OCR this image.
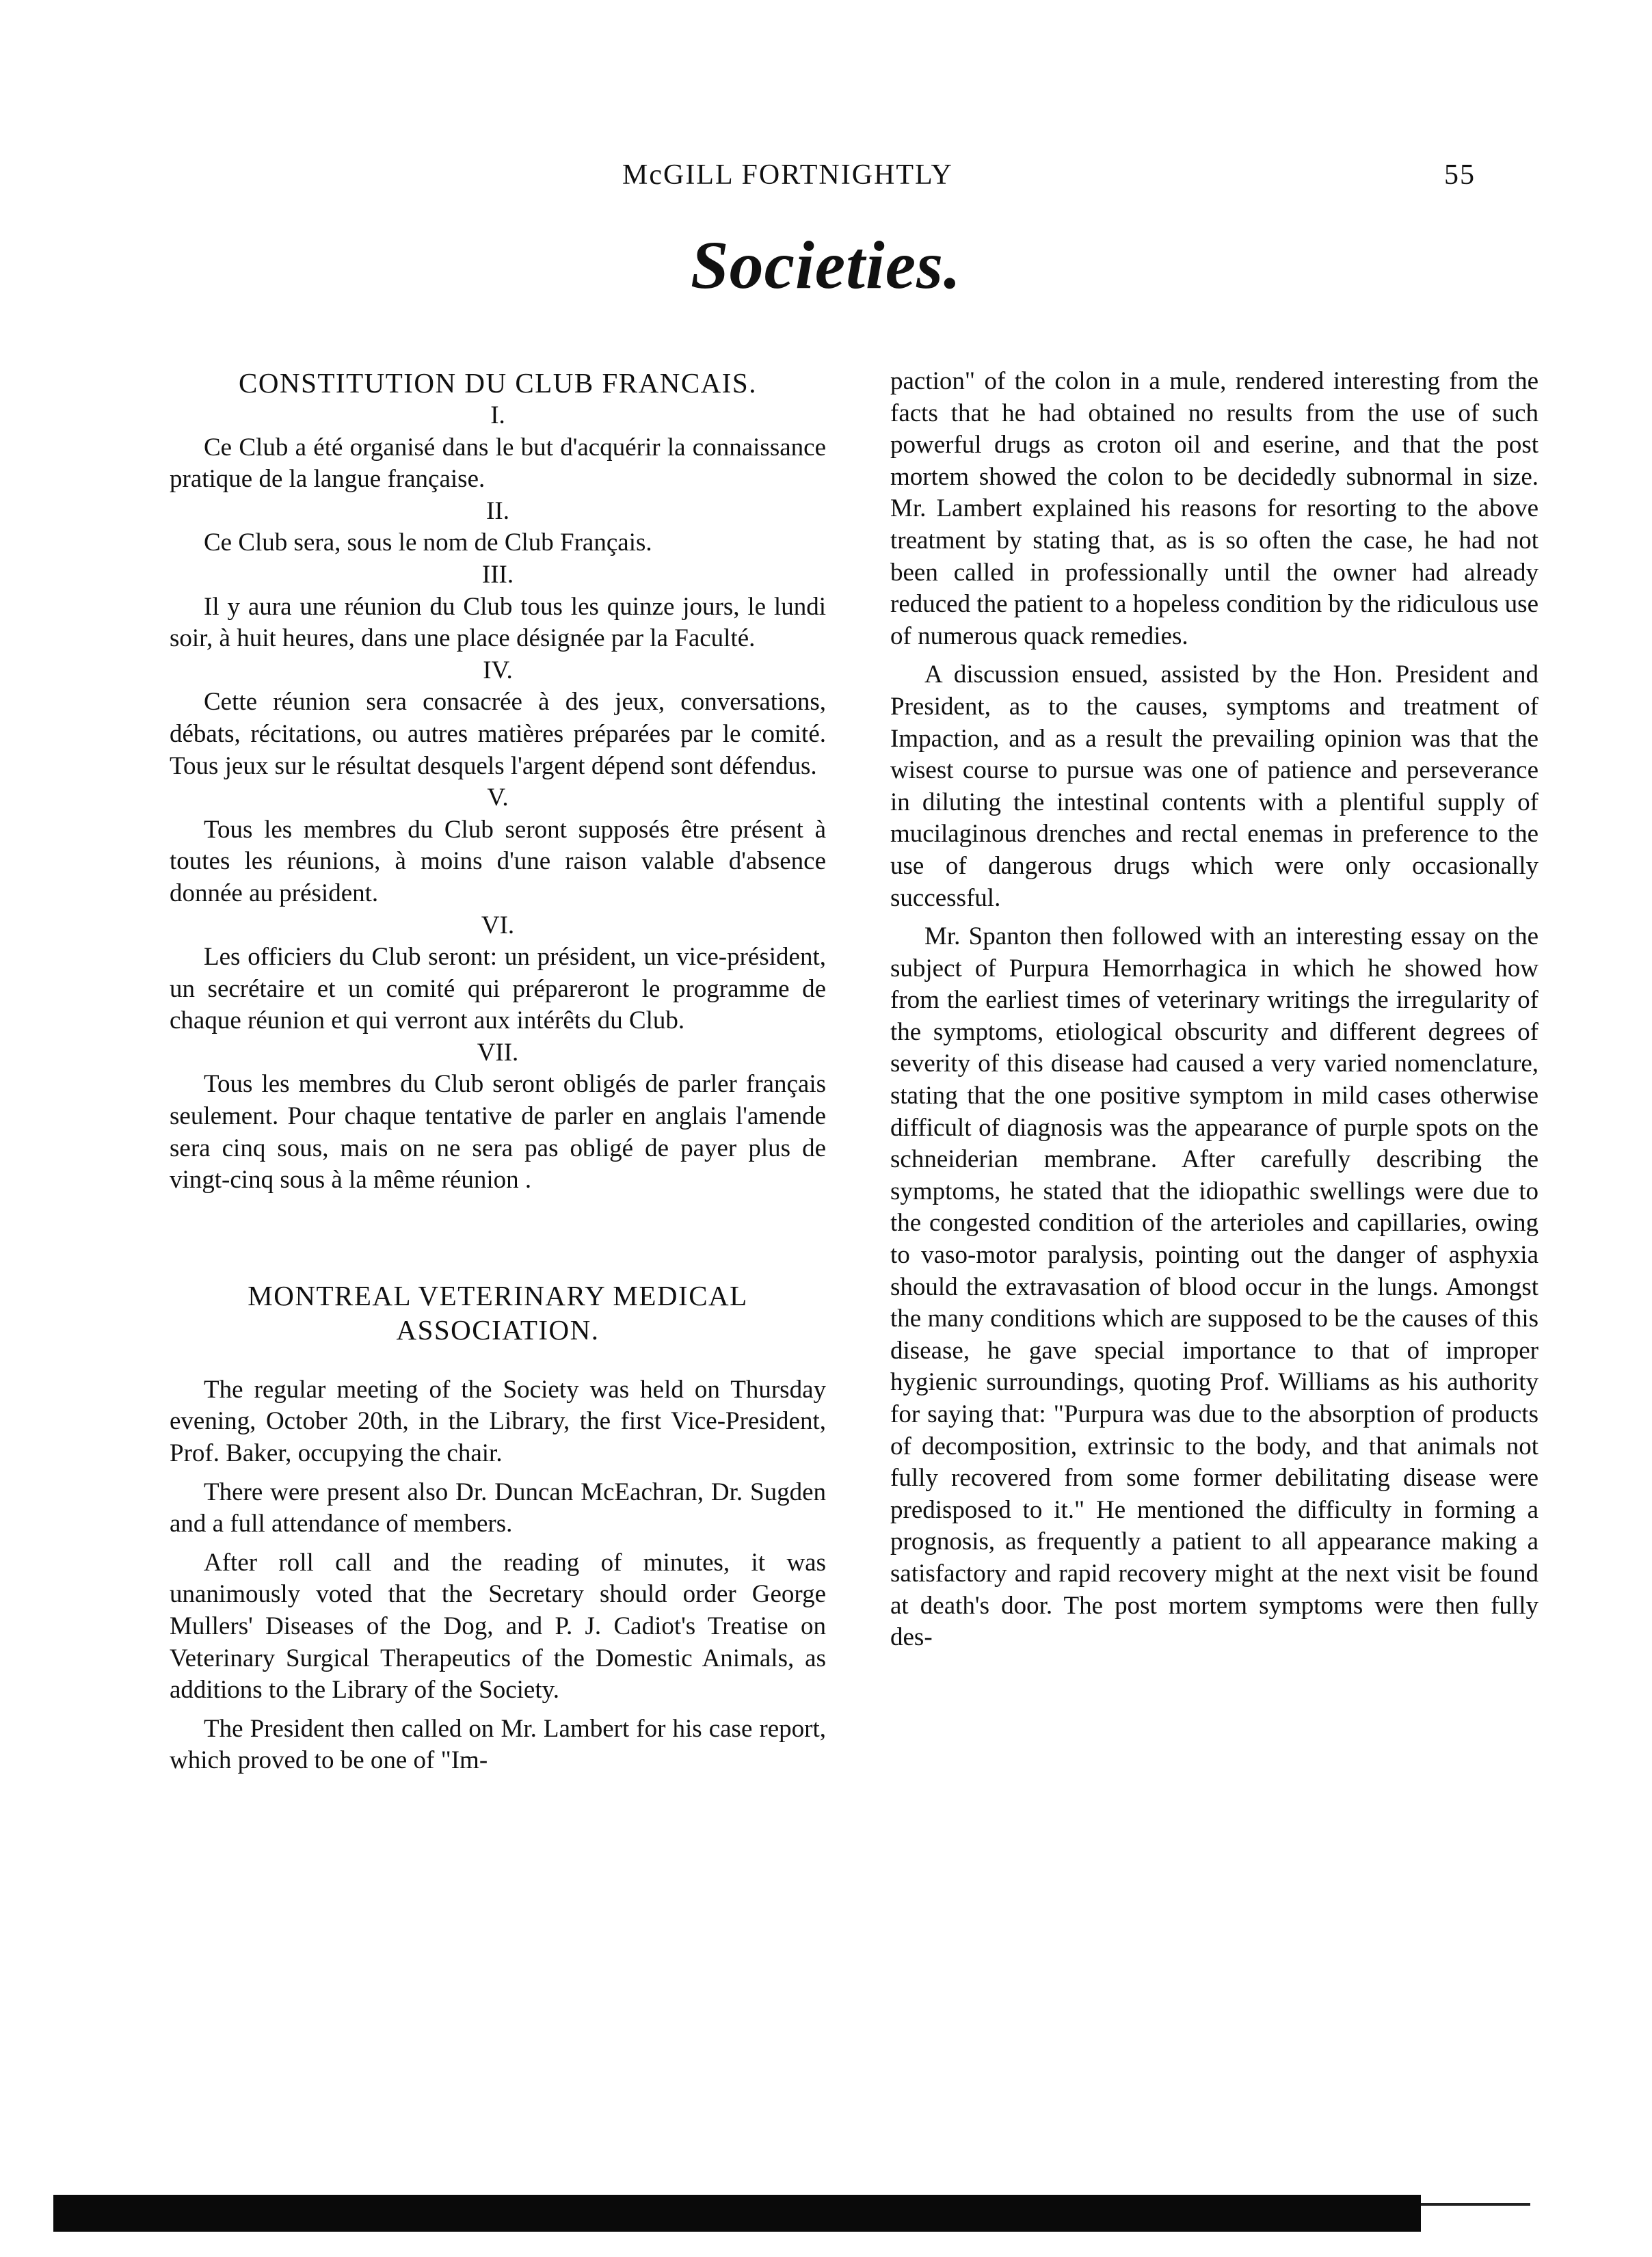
McGILL FORTNIGHTLY	55
Societies.
CONSTITUTION DU CLUB FRANCAIS.
I.

Ce Club a été organisé dans le but d'acquérir la connaissance pratique de la langue française.

II.

Ce Club sera, sous le nom de Club Français.

III.

Il y aura une réunion du Club tous les quinze jours, le lundi soir, à huit heures, dans une place désignée par la Faculté.

IV.

Cette réunion sera consacrée à des jeux, conversations, débats, récitations, ou autres matières préparées par le comité. Tous jeux sur le résultat desquels l'argent dépend sont défendus.

V.

Tous les membres du Club seront supposés être présent à toutes les réunions, à moins d'une raison valable d'absence donnée au président.

VI.

Les officiers du Club seront: un président, un vice-président, un secrétaire et un comité qui prépareront le programme de chaque réunion et qui verront aux intérêts du Club.

VII.

Tous les membres du Club seront obligés de parler français seulement. Pour chaque tentative de parler en anglais l'amende sera cinq sous, mais on ne sera pas obligé de payer plus de vingt-cinq sous à la même réunion .

MONTREAL VETERINARY MEDICAL
ASSOCIATION.

The regular meeting of the Society was held on Thursday evening, October 20th, in the Library, the first Vice-President, Prof. Baker, occupying the chair.

There were present also Dr. Duncan McEachran, Dr. Sugden and a full attendance of members.

After roll call and the reading of minutes, it was unanimously voted that the Secretary should order George Mullers' Diseases of the Dog, and P. J. Cadiot's Treatise on Veterinary Surgical Therapeutics of the Domestic Animals, as additions to the Library of the Society.

The President then called on Mr. Lambert for his case report, which proved to be one of "Im-

paction" of the colon in a mule, rendered interesting from the facts that he had obtained no results from the use of such powerful drugs as croton oil and eserine, and that the post mortem showed the colon to be decidedly subnormal in size. Mr. Lambert explained his reasons for resorting to the above treatment by stating that, as is so often the case, he had not been called in professionally until the owner had already reduced the patient to a hopeless condition by the ridiculous use of numerous quack remedies.

A discussion ensued, assisted by the Hon. President and President, as to the causes, symptoms and treatment of Impaction, and as a result the prevailing opinion was that the wisest course to pursue was one of patience and perseverance in diluting the intestinal contents with a plentiful supply of mucilaginous drenches and rectal enemas in preference to the use of dangerous drugs which were only occasionally successful.

Mr. Spanton then followed with an interesting essay on the subject of Purpura Hemorrhagica in which he showed how from the earliest times of veterinary writings the irregularity of the symptoms, etiological obscurity and different degrees of severity of this disease had caused a very varied nomenclature, stating that the one positive symptom in mild cases otherwise difficult of diagnosis was the appearance of purple spots on the schneiderian membrane. After carefully describing the symptoms, he stated that the idiopathic swellings were due to the congested condition of the arterioles and capillaries, owing to vaso-motor paralysis, pointing out the danger of asphyxia should the extravasation of blood occur in the lungs. Amongst the many conditions which are supposed to be the causes of this disease, he gave special importance to that of improper hygienic surroundings, quoting Prof. Williams as his authority for saying that: "Purpura was due to the absorption of products of decomposition, extrinsic to the body, and that animals not fully recovered from some former debilitating disease were predisposed to it." He mentioned the difficulty in forming a prognosis, as frequently a patient to all appearance making a satisfactory and rapid recovery might at the next visit be found at death's door. The post mortem symptoms were then fully des-
